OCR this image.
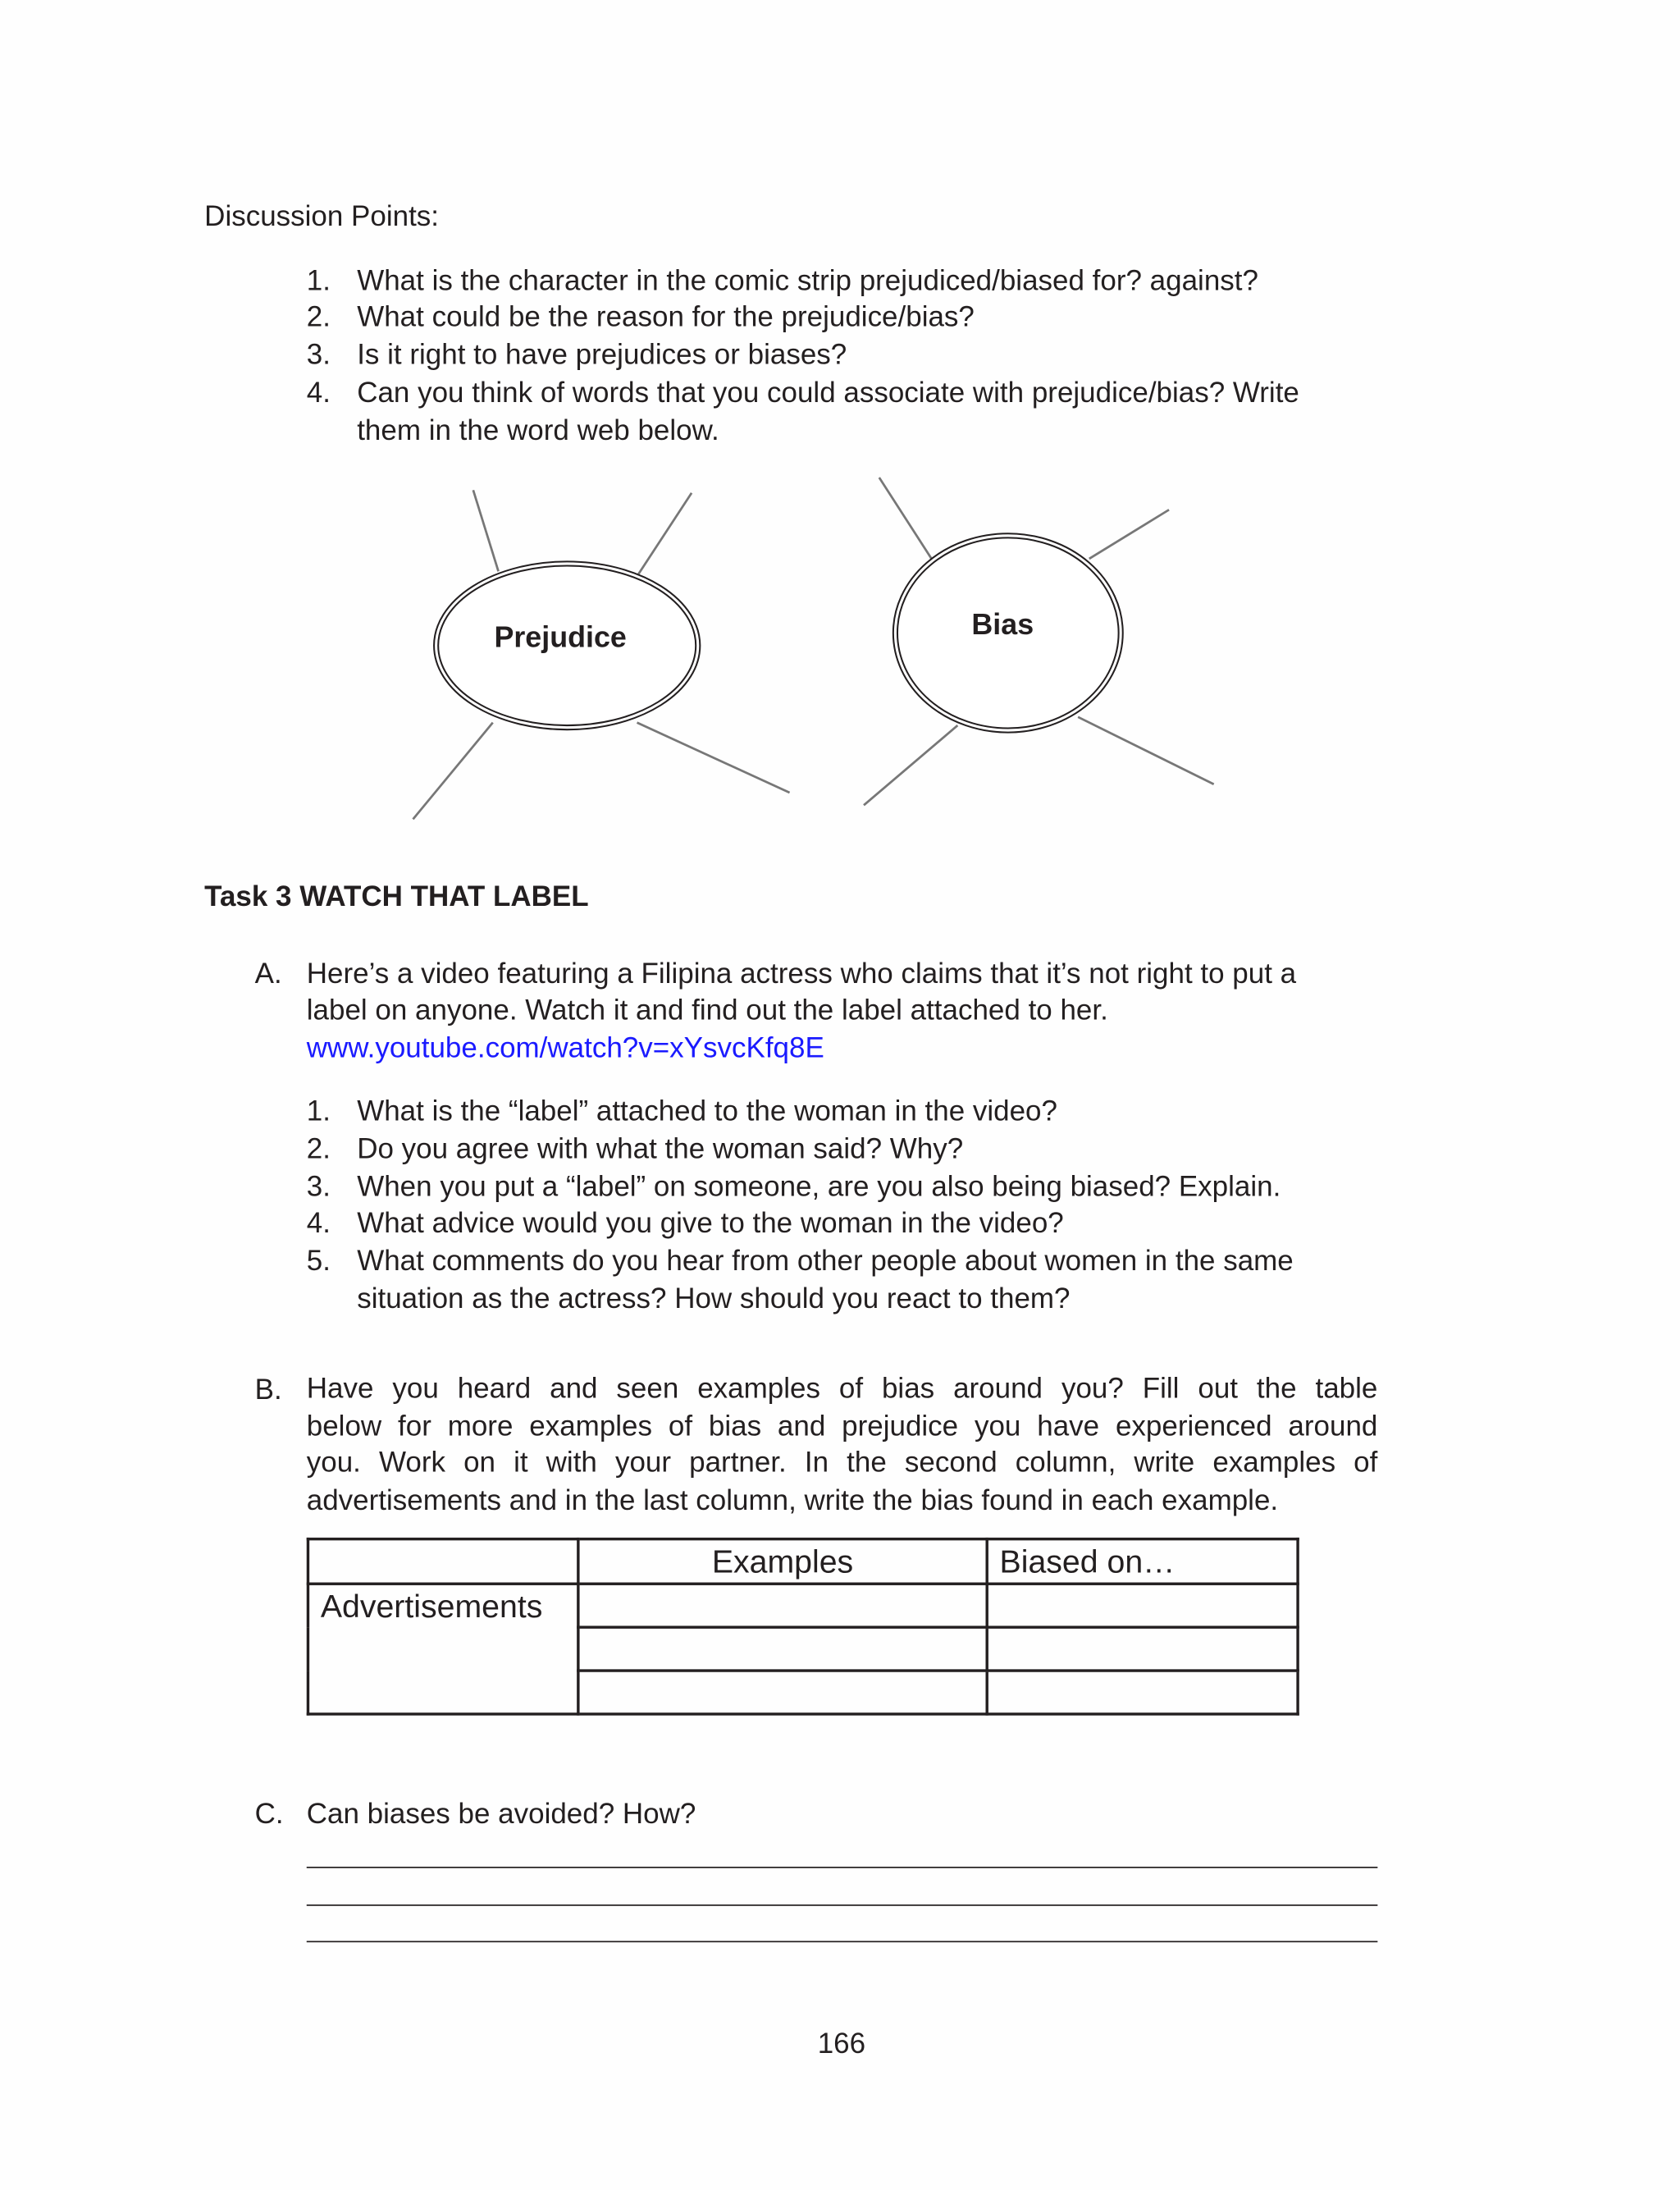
Discussion Points:
1. What is the character in the comic strip prejudiced/biased for? against?
2. What could be the reason for the prejudice/bias?
3. Is it right to have prejudices or biases?
4. Can you think of words that you could associate with prejudice/bias? Write
them in the word web below.
Prejudice	Bias
Task 3 WATCH THAT LABEL
A. Here’s a video featuring a Filipina actress who claims that it’s not right to put a
label on anyone. Watch it and find out the label attached to her.
www.youtube.com/watch?v=xYsvcKfq8E
1. What is the “label” attached to the woman in the video?
2. Do you agree with what the woman said? Why?
3. When you put a “label” on someone, are you also being biased? Explain.
4. What advice would you give to the woman in the video?
5. What comments do you hear from other people about women in the same
situation as the actress? How should you react to them?
B. Have you heard and seen examples of bias around you? Fill out the table
below for more examples of bias and prejudice you have experienced around
you. Work on it with your partner. In the second column, write examples of
advertisements and in the last column, write the bias found in each example.
	Examples	Biased on…
Advertisements		

C. Can biases be avoided? How?
166
